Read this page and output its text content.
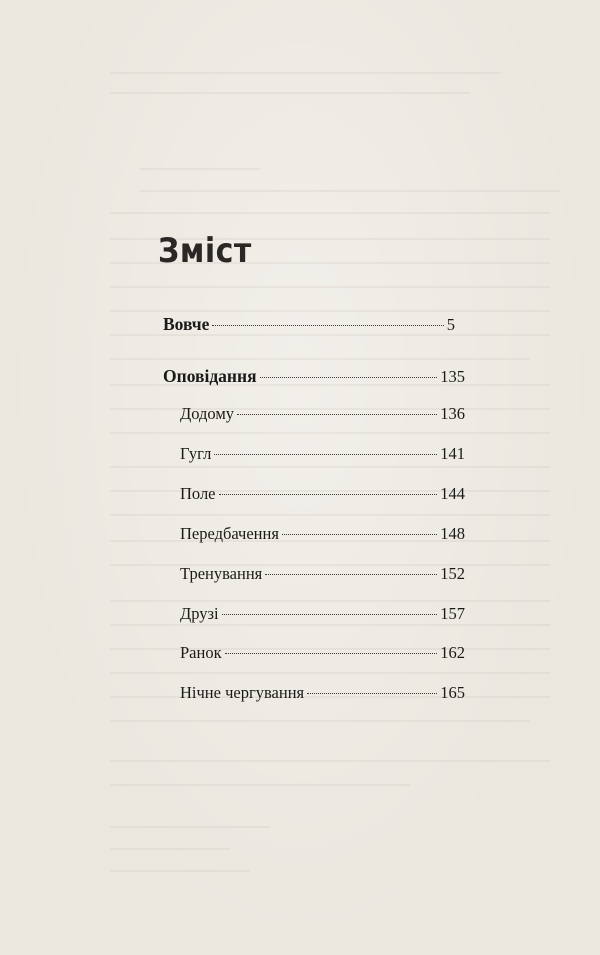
Зміст
Вовче	5
Оповідання	135
Додому	136
Гугл	141
Поле	144
Передбачення	148
Тренування	152
Друзі	157
Ранок	162
Нічне чергування	165
